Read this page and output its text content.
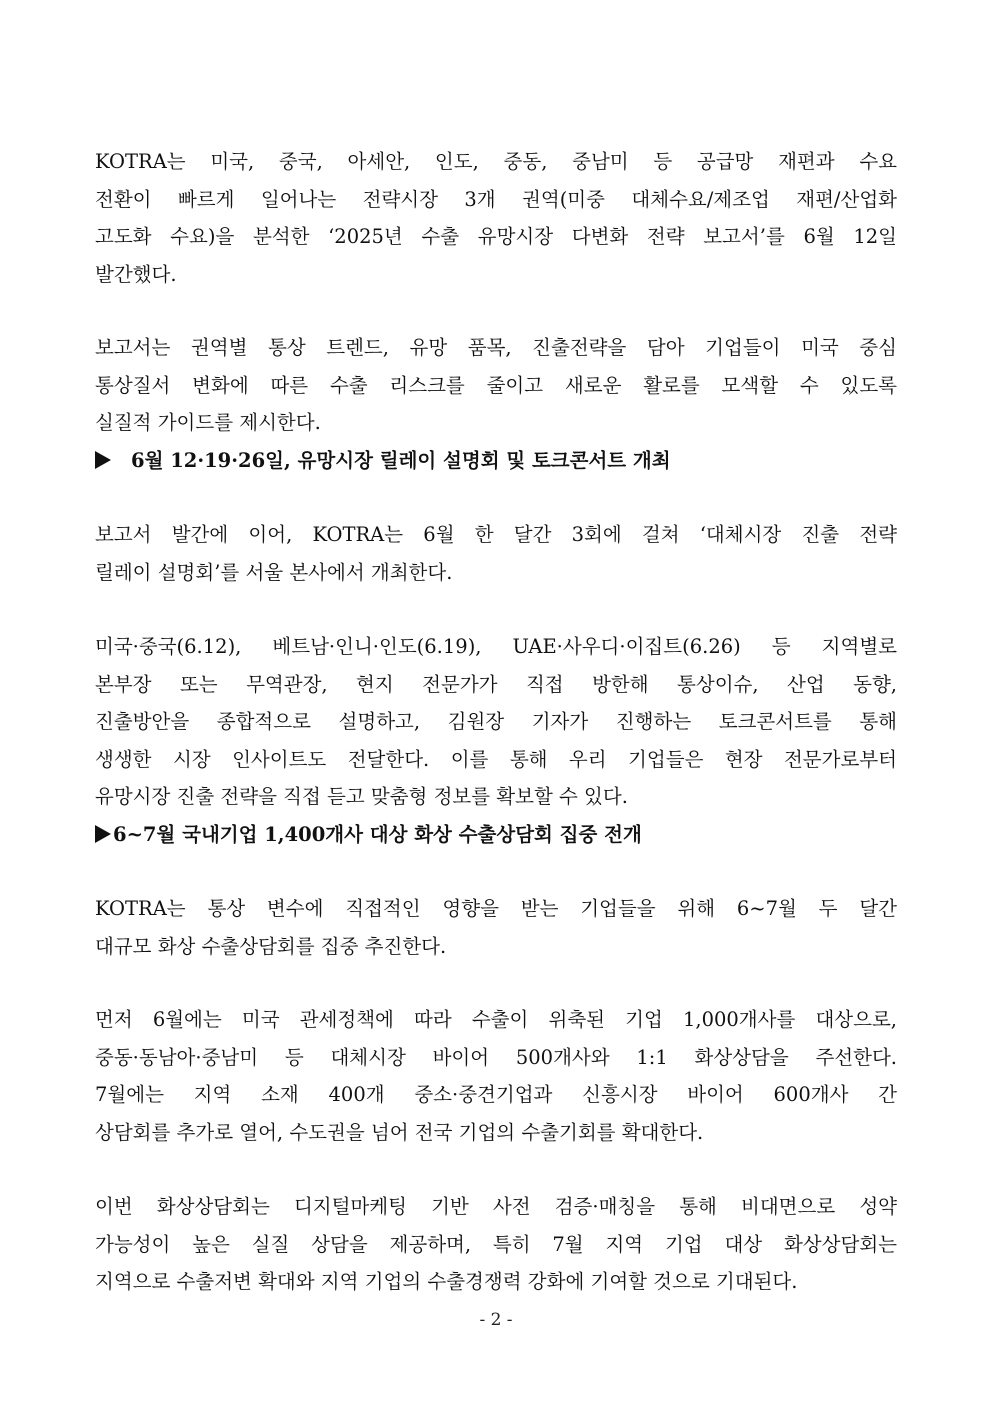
KOTRA는 미국, 중국, 아세안, 인도, 중동, 중남미 등 공급망 재편과 수요
전환이 빠르게 일어나는 전략시장 3개 권역(미중 대체수요/제조업 재편/산업화
고도화 수요)을 분석한 ‘2025년 수출 유망시장 다변화 전략 보고서’를 6월 12일
발간했다.
보고서는 권역별 통상 트렌드, 유망 품목, 진출전략을 담아 기업들이 미국 중심
통상질서 변화에 따른 수출 리스크를 줄이고 새로운 활로를 모색할 수 있도록
실질적 가이드를 제시한다.
6월 12·19·26일, 유망시장 릴레이 설명회 및 토크콘서트 개최
보고서 발간에 이어, KOTRA는 6월 한 달간 3회에 걸쳐 ‘대체시장 진출 전략
릴레이 설명회’를 서울 본사에서 개최한다.
미국·중국(6.12), 베트남·인니·인도(6.19), UAE·사우디·이집트(6.26) 등 지역별로
본부장 또는 무역관장, 현지 전문가가 직접 방한해 통상이슈, 산업 동향,
진출방안을 종합적으로 설명하고, 김원장 기자가 진행하는 토크콘서트를 통해
생생한 시장 인사이트도 전달한다. 이를 통해 우리 기업들은 현장 전문가로부터
유망시장 진출 전략을 직접 듣고 맞춤형 정보를 확보할 수 있다.
6~7월 국내기업 1,400개사 대상 화상 수출상담회 집중 전개
KOTRA는 통상 변수에 직접적인 영향을 받는 기업들을 위해 6~7월 두 달간
대규모 화상 수출상담회를 집중 추진한다.
먼저 6월에는 미국 관세정책에 따라 수출이 위축된 기업 1,000개사를 대상으로,
중동·동남아·중남미 등 대체시장 바이어 500개사와 1:1 화상상담을 주선한다.
7월에는 지역 소재 400개 중소·중견기업과 신흥시장 바이어 600개사 간
상담회를 추가로 열어, 수도권을 넘어 전국 기업의 수출기회를 확대한다.
이번 화상상담회는 디지털마케팅 기반 사전 검증·매칭을 통해 비대면으로 성약
가능성이 높은 실질 상담을 제공하며, 특히 7월 지역 기업 대상 화상상담회는
지역으로 수출저변 확대와 지역 기업의 수출경쟁력 강화에 기여할 것으로 기대된다.
- 2 -
